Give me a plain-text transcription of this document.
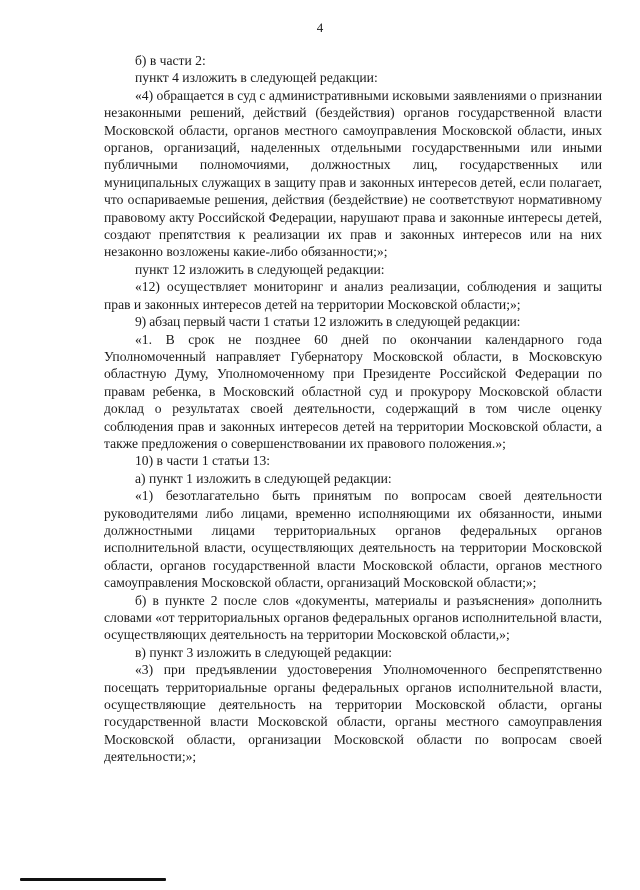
4

б) в части 2:

пункт 4 изложить в следующей редакции:

«4) обращается в суд с административными исковыми заявлениями о признании незаконными решений, действий (бездействия) органов государственной власти Московской области, органов местного самоуправления Московской области, иных органов, организаций, наделенных отдельными государственными или иными публичными полномочиями, должностных лиц, государственных или муниципальных служащих в защиту прав и законных интересов детей, если полагает, что оспариваемые решения, действия (бездействие) не соответствуют нормативному правовому акту Российской Федерации, нарушают права и законные интересы детей, создают препятствия к реализации их прав и законных интересов или на них незаконно возложены какие-либо обязанности;»;

пункт 12 изложить в следующей редакции:

«12) осуществляет мониторинг и анализ реализации, соблюдения и защиты прав и законных интересов детей на территории Московской области;»;

9) абзац первый части 1 статьи 12 изложить в следующей редакции:

«1. В срок не позднее 60 дней по окончании календарного года Уполномоченный направляет Губернатору Московской области, в Московскую областную Думу, Уполномоченному при Президенте Российской Федерации по правам ребенка, в Московский областной суд и прокурору Московской области доклад о результатах своей деятельности, содержащий в том числе оценку соблюдения прав и законных интересов детей на территории Московской области, а также предложения о совершенствовании их правового положения.»;

10) в части 1 статьи 13:

а) пункт 1 изложить в следующей редакции:

«1) безотлагательно быть принятым по вопросам своей деятельности руководителями либо лицами, временно исполняющими их обязанности, иными должностными лицами территориальных органов федеральных органов исполнительной власти, осуществляющих деятельность на территории Московской области, органов государственной власти Московской области, органов местного самоуправления Московской области, организаций Московской области;»;

б) в пункте 2 после слов «документы, материалы и разъяснения» дополнить словами «от территориальных органов федеральных органов исполнительной власти, осуществляющих деятельность на территории Московской области,»;

в) пункт 3 изложить в следующей редакции:

«3) при предъявлении удостоверения Уполномоченного беспрепятственно посещать территориальные органы федеральных органов исполнительной власти, осуществляющие деятельность на территории Московской области, органы государственной власти Московской области, органы местного самоуправления Московской области, организации Московской области по вопросам своей деятельности;»;
